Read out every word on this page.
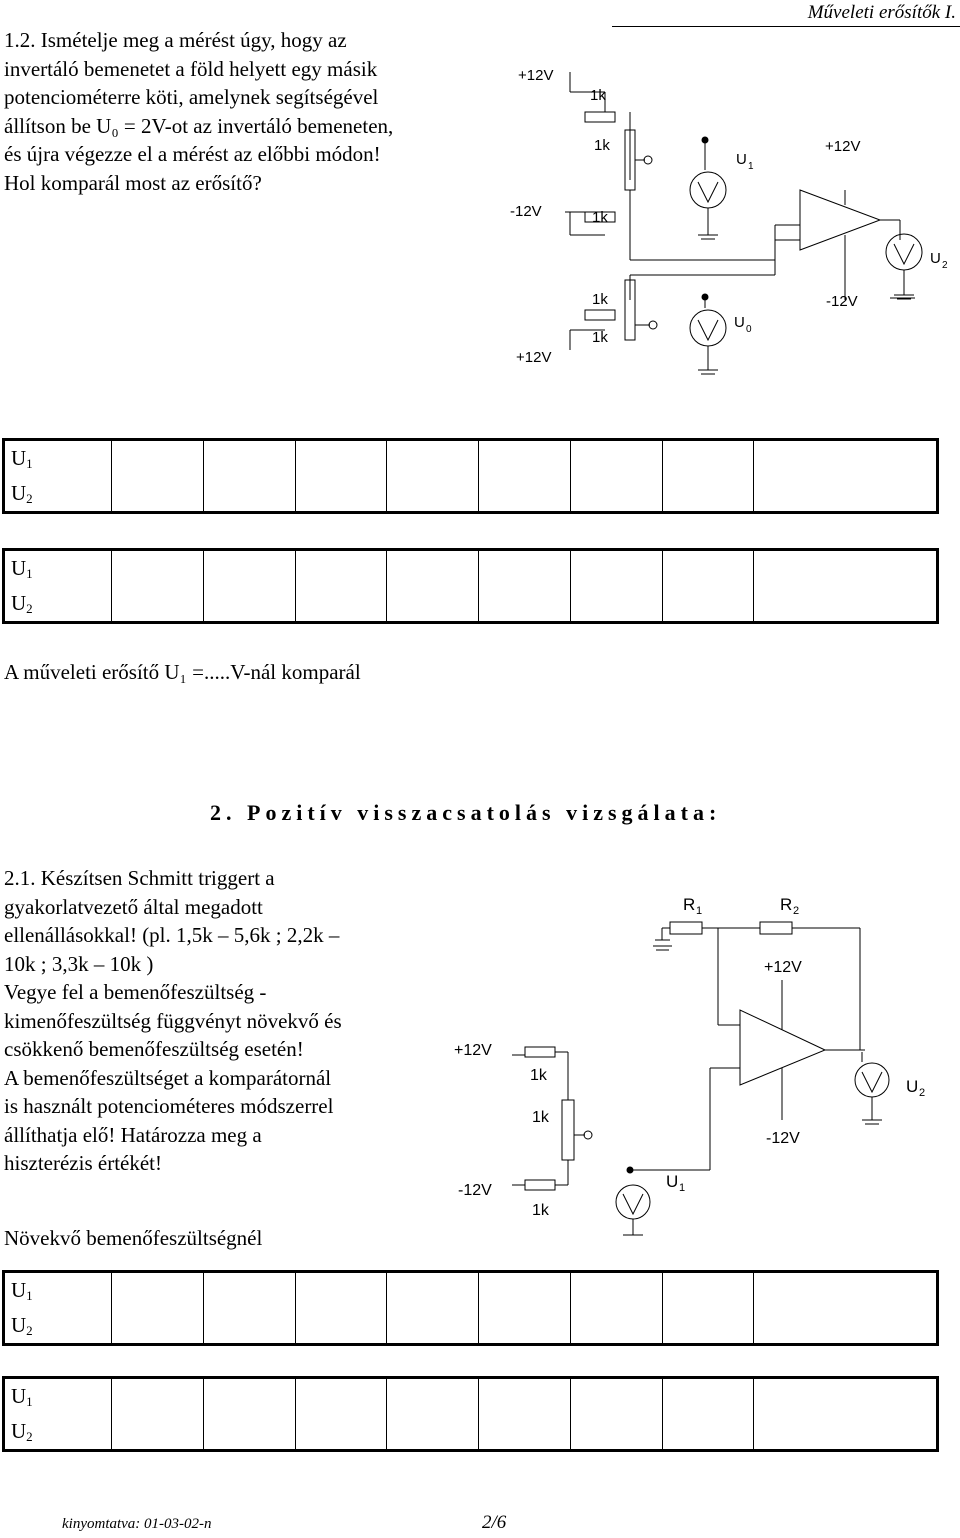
Műveleti erősítők I.
1.2. Ismételje meg a mérést úgy, hogy az
invertáló bemenetet a föld helyett egy másik
potenciométerre köti, amelynek segítségével
állítson be U₀ = 2V-ot az invertáló bemeneten,
és újra végezze el a mérést az előbbi módon!
Hol komparál most az erősítő?
+12V
1k
1k
-12V	1k
U 1
+12V
U 2
1k	-12V
U 0
1k
+12V
$U_1$								
$U_2$								
$U_1$								
$U_2$								
A műveleti erősítő U₁ =.....V-nál komparál
2. Pozitív visszacsatolás vizsgálata:
2.1. Készítsen Schmitt triggert a
gyakorlatvezető által megadott
ellenállásokkal! (pl. 1,5k – 5,6k ; 2,2k –
10k ; 3,3k – 10k )
Vegye fel a bemenőfeszültség -
kimenőfeszültség függvényt növekvő és
csökkenő bemenőfeszültség esetén!
A bemenőfeszültséget a komparátornál
is használt potenciométeres módszerrel
állíthatja elő! Határozza meg a
hiszterézis értékét!
R 1	R 2
+12V
+12V
1k
1k
U 2
-12V
U 1
-12V
1k
Növekvő bemenőfeszültségnél
$U_1$								
$U_2$								
$U_1$								
$U_2$								
kinyomtatva: 01-03-02-n	2/6
